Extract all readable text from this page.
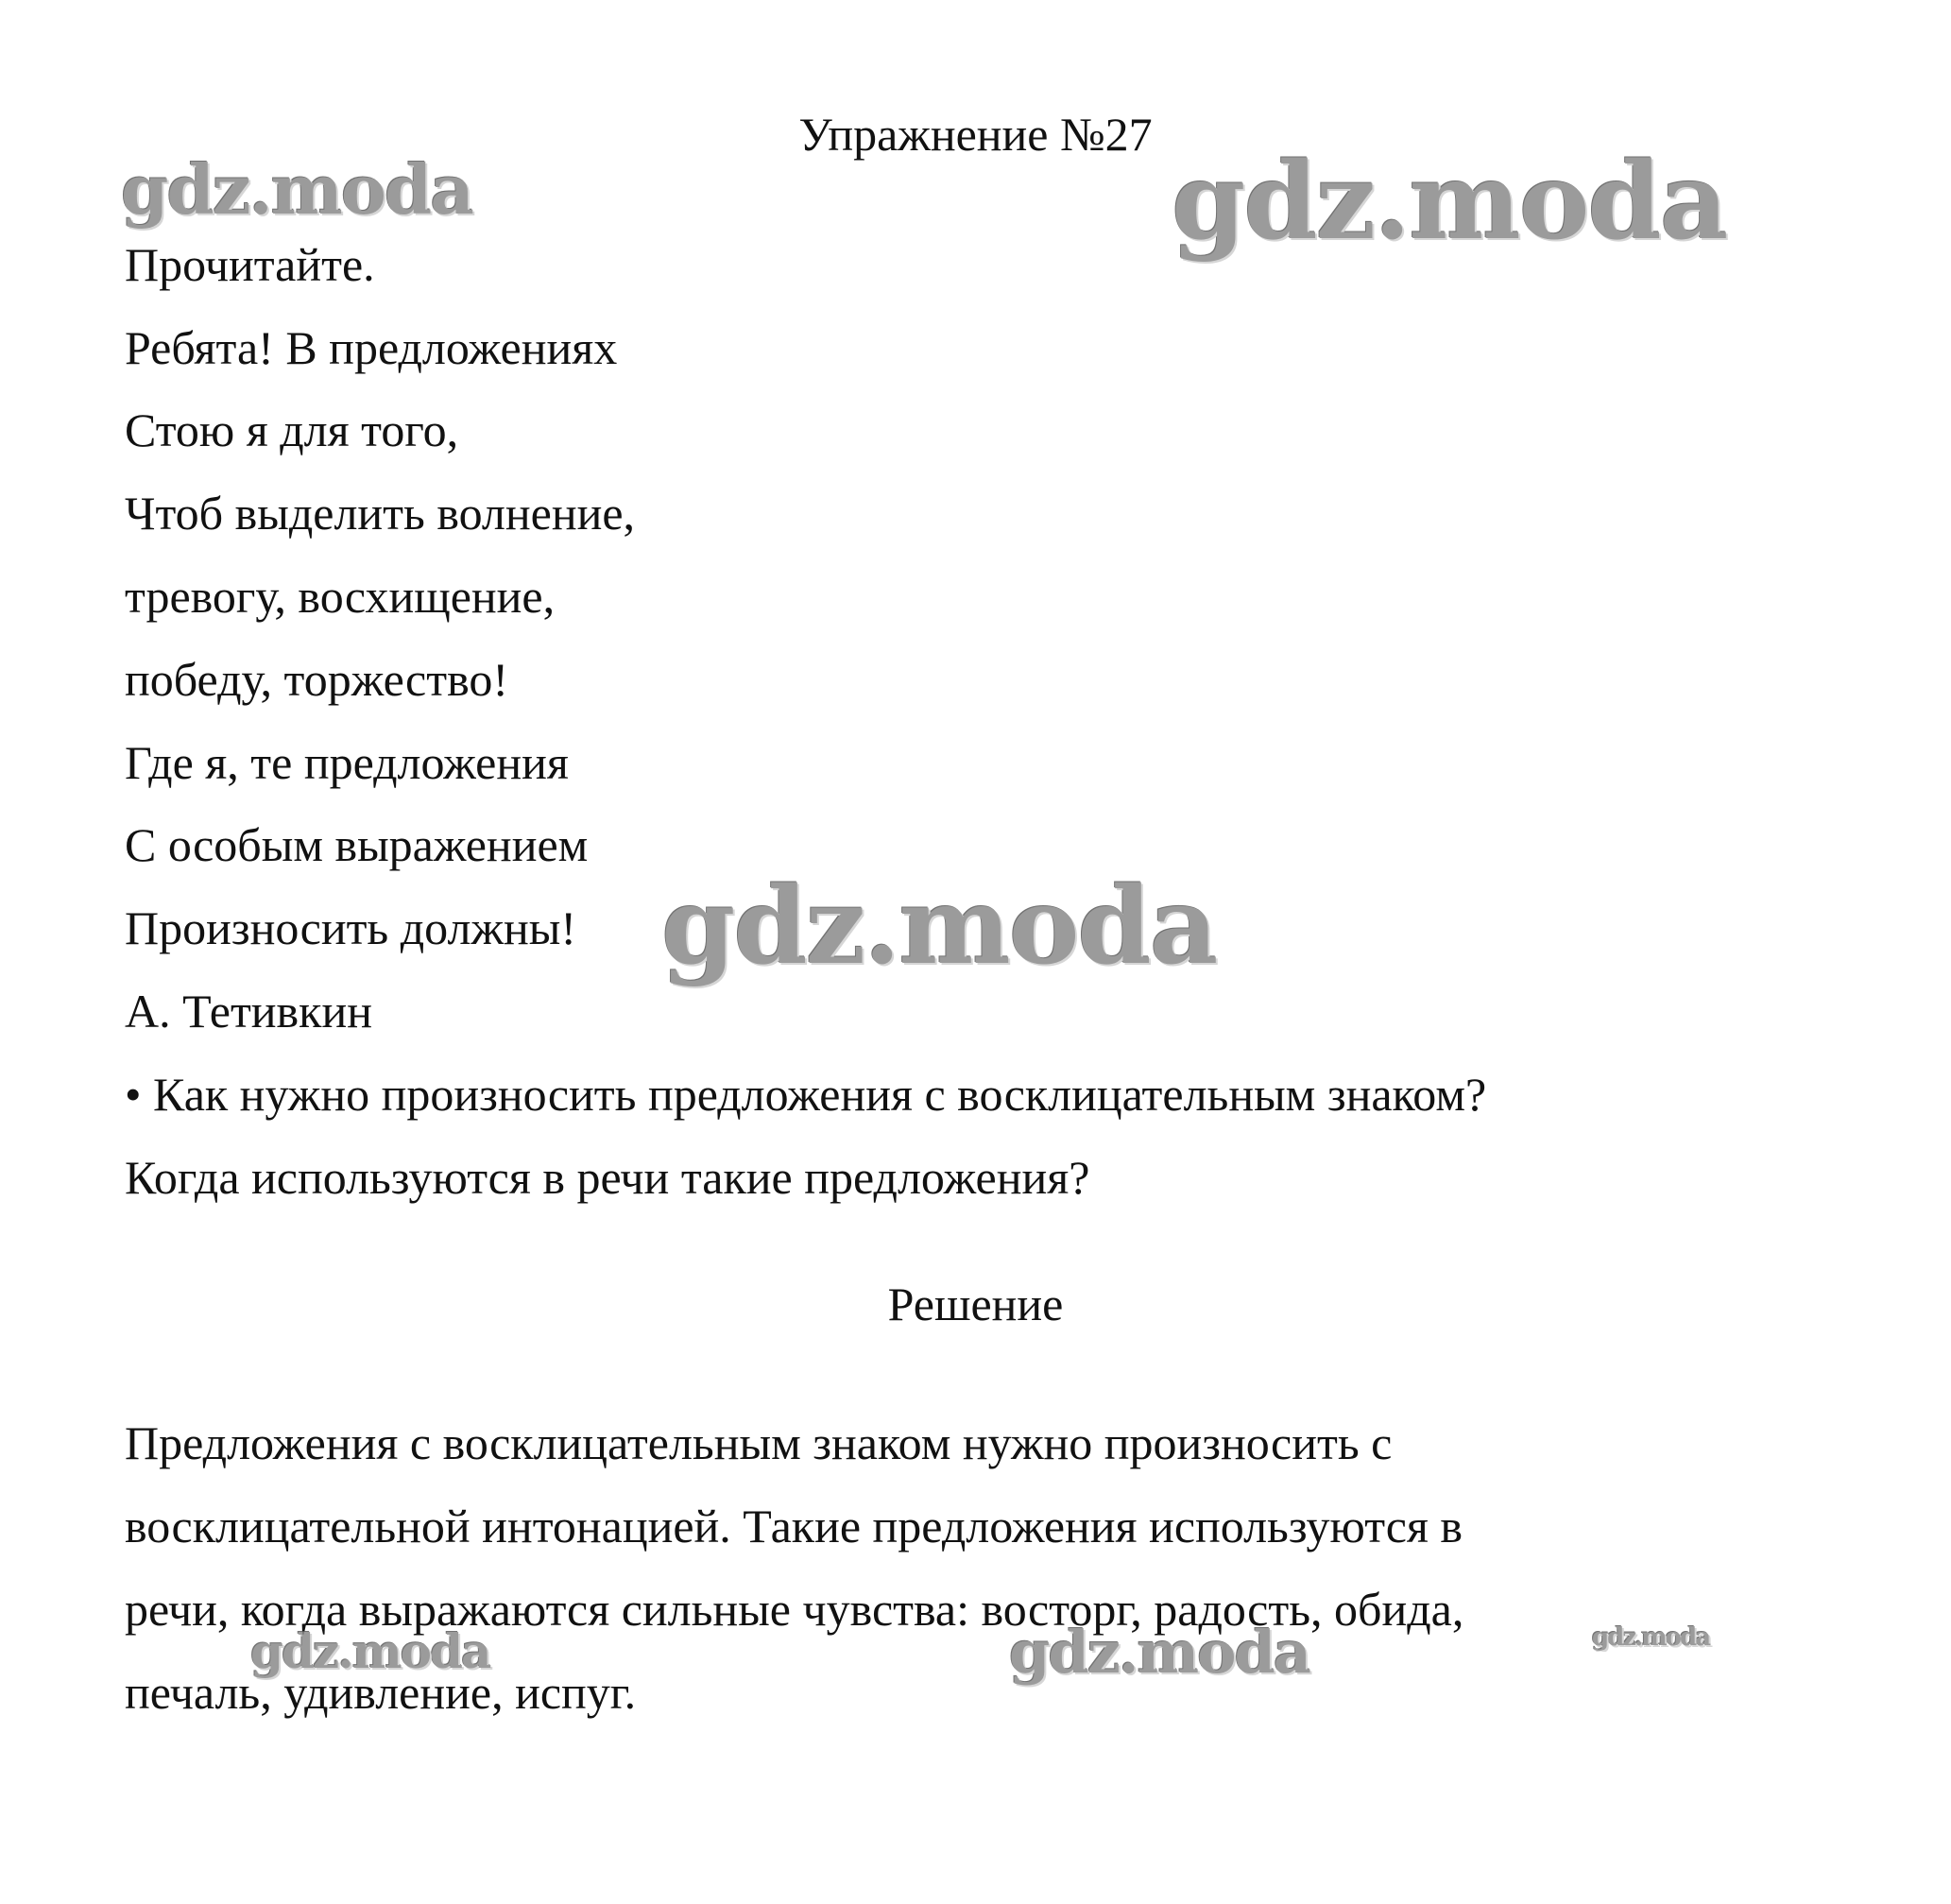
Упражнение №27

Прочитайте.

Ребята! В предложениях

Стою я для того,

Чтоб выделить волнение,

тревогу, восхищение,

победу, торжество!

Где я, те предложения

С особым выражением

Произносить должны!

А. Тетивкин

• Как нужно произносить предложения с восклицательным знаком?

Когда используются в речи такие предложения?

Решение

Предложения с восклицательным знаком нужно произносить с

восклицательной интонацией. Такие предложения используются в

речи, когда выражаются сильные чувства: восторг, радость, обида,

печаль, удивление, испуг.

gdz.moda	gdz.moda
gdz.moda
gdz.moda	gdz.moda	gdz.moda
